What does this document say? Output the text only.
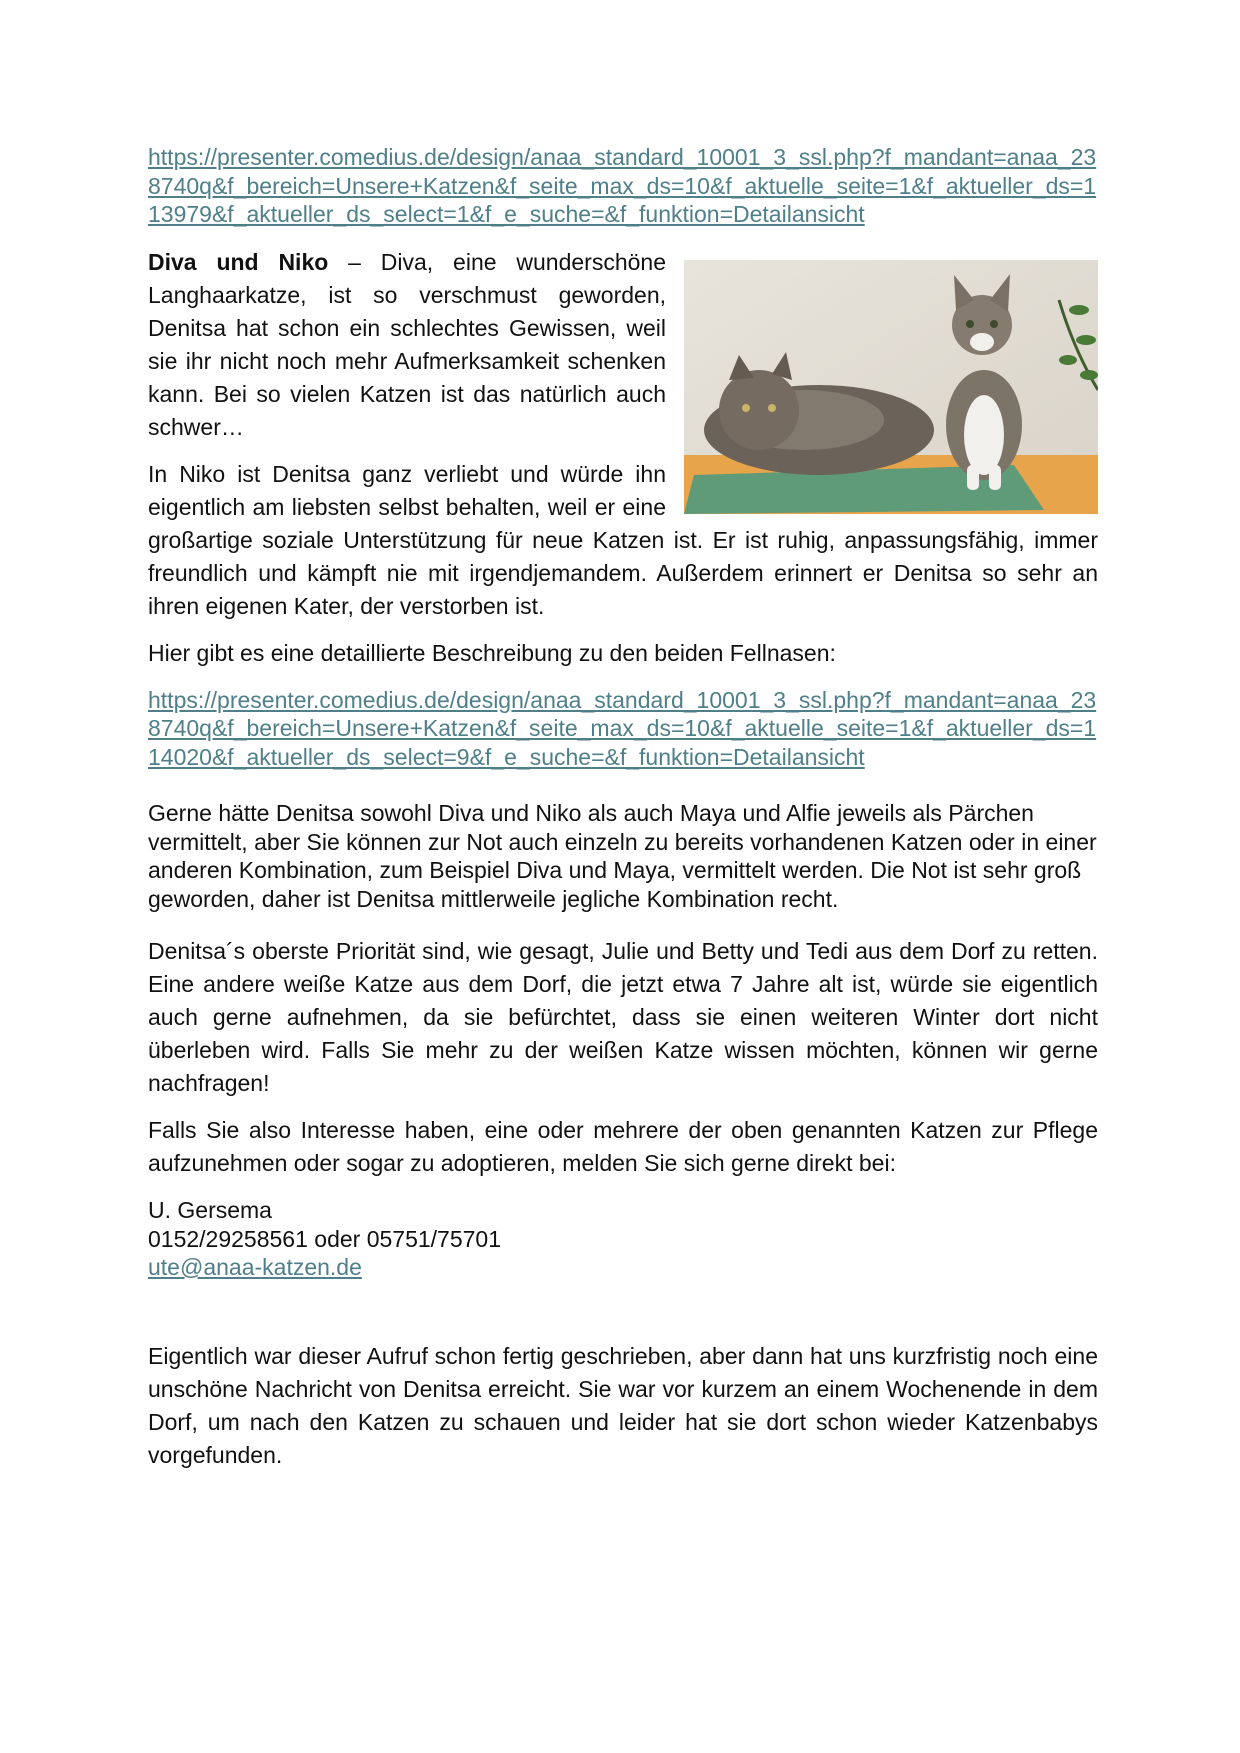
https://presenter.comedius.de/design/anaa_standard_10001_3_ssl.php?f_mandant=anaa_238740q&f_bereich=Unsere+Katzen&f_seite_max_ds=10&f_aktuelle_seite=1&f_aktueller_ds=113979&f_aktueller_ds_select=1&f_e_suche=&f_funktion=Detailansicht

Diva und Niko – Diva, eine wunderschöne Langhaarkatze, ist so verschmust geworden, Denitsa hat schon ein schlechtes Gewissen, weil sie ihr nicht noch mehr Aufmerksamkeit schenken kann. Bei so vielen Katzen ist das natürlich auch schwer…

In Niko ist Denitsa ganz verliebt und würde ihn eigentlich am liebsten selbst behalten, weil er eine großartige soziale Unterstützung für neue Katzen ist. Er ist ruhig, anpassungsfähig, immer freundlich und kämpft nie mit irgendjemandem. Außerdem erinnert er Denitsa so sehr an ihren eigenen Kater, der verstorben ist.

Hier gibt es eine detaillierte Beschreibung zu den beiden Fellnasen:

https://presenter.comedius.de/design/anaa_standard_10001_3_ssl.php?f_mandant=anaa_238740q&f_bereich=Unsere+Katzen&f_seite_max_ds=10&f_aktuelle_seite=1&f_aktueller_ds=114020&f_aktueller_ds_select=9&f_e_suche=&f_funktion=Detailansicht

Gerne hätte Denitsa sowohl Diva und Niko als auch Maya und Alfie jeweils als Pärchen vermittelt, aber Sie können zur Not auch einzeln zu bereits vorhandenen Katzen oder in einer anderen Kombination, zum Beispiel Diva und Maya, vermittelt werden. Die Not ist sehr groß geworden, daher ist Denitsa mittlerweile jegliche Kombination recht.

Denitsa´s oberste Priorität sind, wie gesagt, Julie und Betty und Tedi aus dem Dorf zu retten. Eine andere weiße Katze aus dem Dorf, die jetzt etwa 7 Jahre alt ist, würde sie eigentlich auch gerne aufnehmen, da sie befürchtet, dass sie einen weiteren Winter dort nicht überleben wird. Falls Sie mehr zu der weißen Katze wissen möchten, können wir gerne nachfragen!

Falls Sie also Interesse haben, eine oder mehrere der oben genannten Katzen zur Pflege aufzunehmen oder sogar zu adoptieren, melden Sie sich gerne direkt bei:

U. Gersema

0152/29258561 oder 05751/75701

ute@anaa-katzen.de

Eigentlich war dieser Aufruf schon fertig geschrieben, aber dann hat uns kurzfristig noch eine unschöne Nachricht von Denitsa erreicht. Sie war vor kurzem an einem Wochenende in dem Dorf, um nach den Katzen zu schauen und leider hat sie dort schon wieder Katzenbabys vorgefunden.
